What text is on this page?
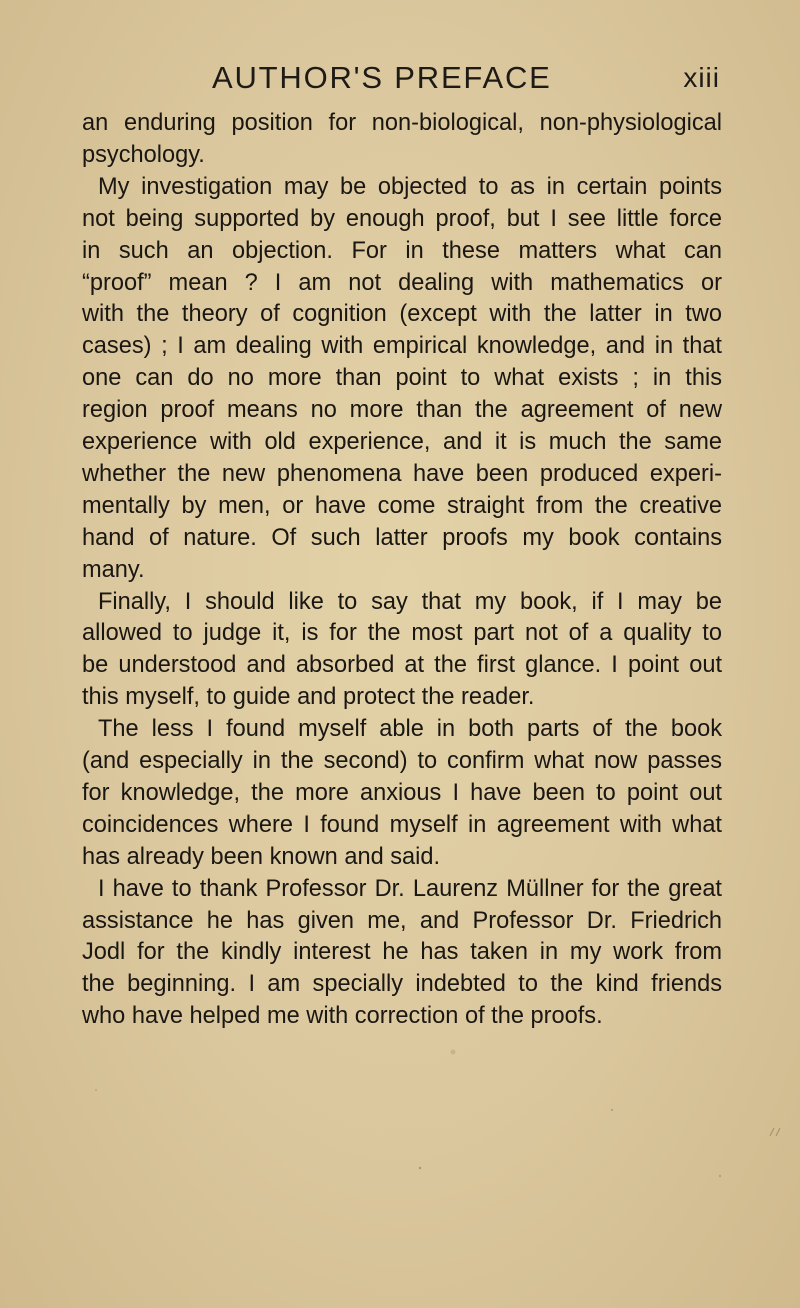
AUTHOR'S PREFACE	xiii
an enduring position for non-biological, non-physiological
psychology.
My investigation may be objected to as in certain points
not being supported by enough proof, but I see little force
in such an objection. For in these matters what can
“proof” mean ? I am not dealing with mathematics or
with the theory of cognition (except with the latter in two
cases) ; I am dealing with empirical knowledge, and in that
one can do no more than point to what exists ; in this
region proof means no more than the agreement of new
experience with old experience, and it is much the same
whether the new phenomena have been produced experi-
mentally by men, or have come straight from the creative
hand of nature. Of such latter proofs my book contains
many.
Finally, I should like to say that my book, if I may be
allowed to judge it, is for the most part not of a quality to
be understood and absorbed at the first glance. I point out
this myself, to guide and protect the reader.
The less I found myself able in both parts of the book
(and especially in the second) to confirm what now passes
for knowledge, the more anxious I have been to point out
coincidences where I found myself in agreement with what
has already been known and said.
I have to thank Professor Dr. Laurenz Müllner for the great
assistance he has given me, and Professor Dr. Friedrich
Jodl for the kindly interest he has taken in my work from
the beginning. I am specially indebted to the kind friends
who have helped me with correction of the proofs.
